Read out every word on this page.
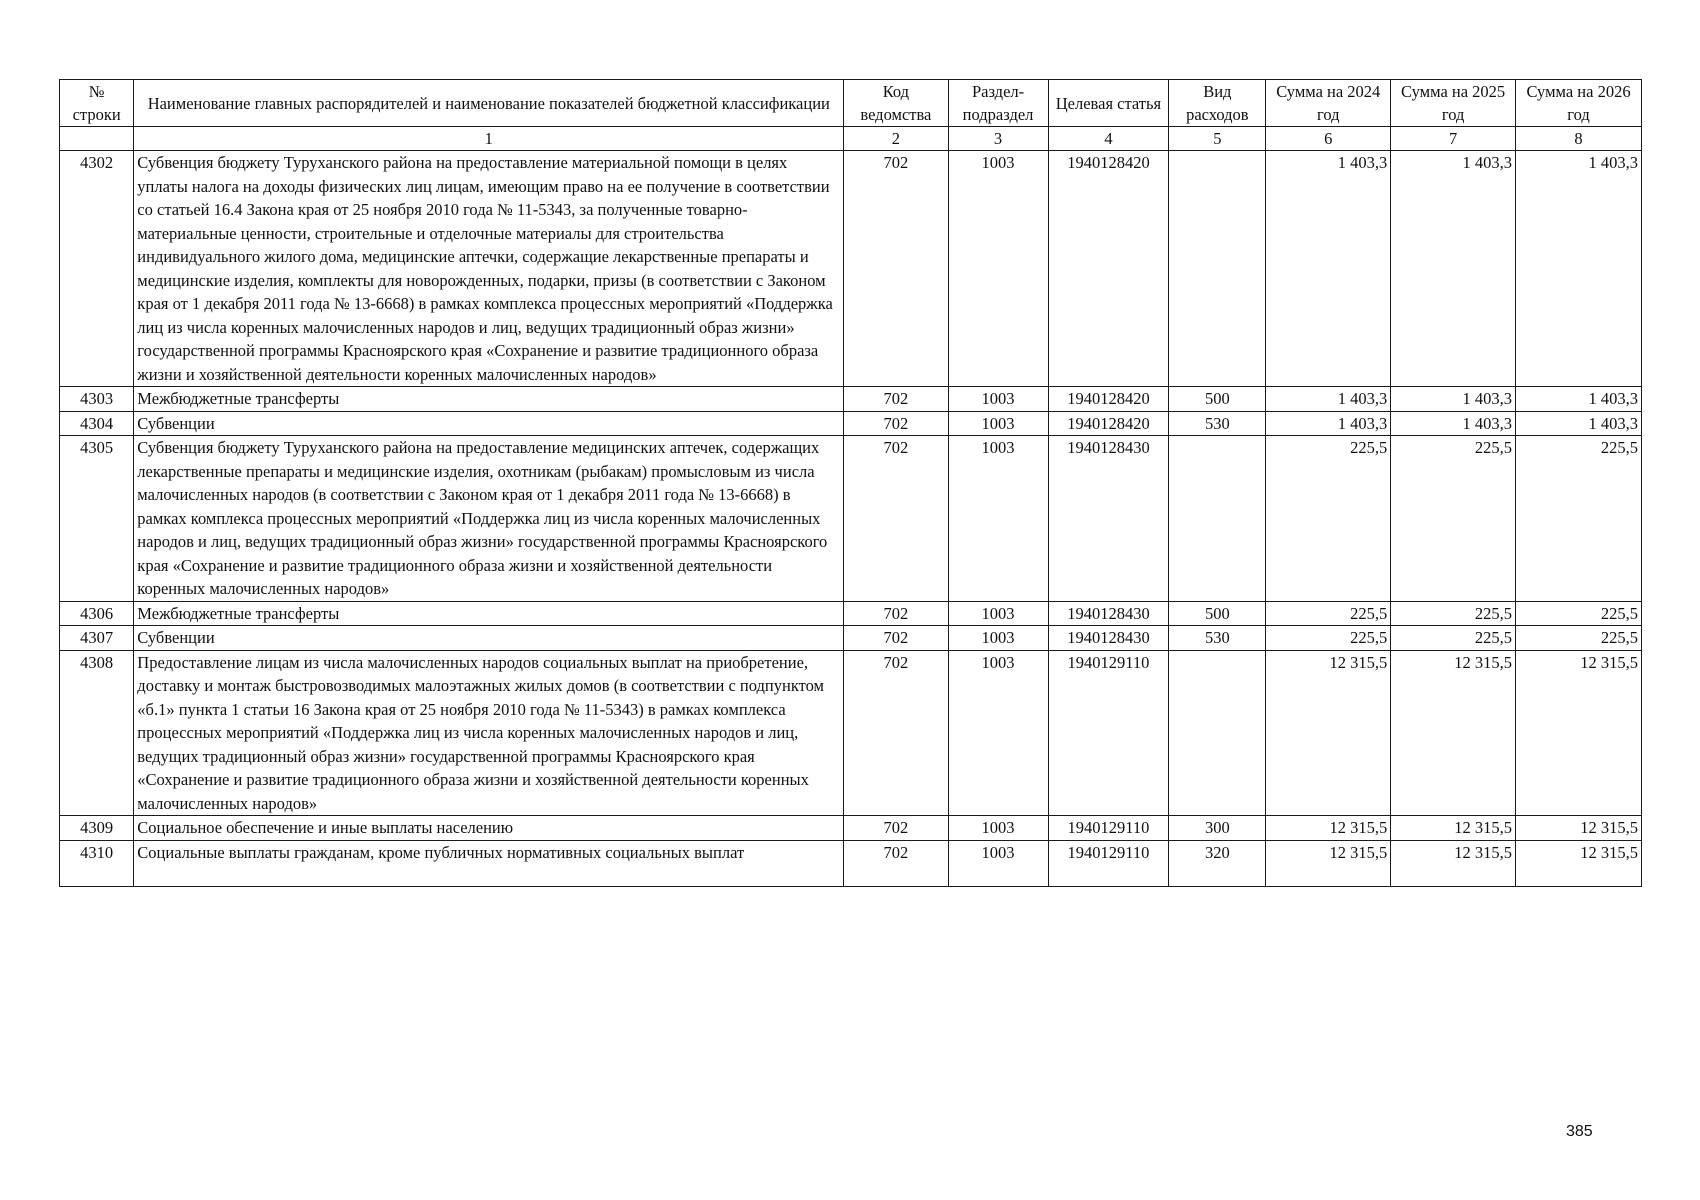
№ строки	Наименование главных распорядителей и наименование показателей бюджетной классификации	Код ведомства	Раздел-подраздел	Целевая статья	Вид расходов	Сумма на 2024 год	Сумма на 2025 год	Сумма на 2026 год
	1	2	3	4	5	6	7	8
4302	Субвенция бюджету Туруханского района на предоставление материальной помощи в целях уплаты налога на доходы физических лиц лицам, имеющим право на ее получение в соответствии со статьей 16.4 Закона края от 25 ноября 2010 года № 11-5343, за полученные товарно-материальные ценности, строительные и отделочные материалы для строительства индивидуального жилого дома, медицинские аптечки, содержащие лекарственные препараты и медицинские изделия, комплекты для новорожденных, подарки, призы (в соответствии с Законом края от 1 декабря 2011 года № 13-6668) в рамках комплекса процессных мероприятий «Поддержка лиц из числа коренных малочисленных народов и лиц, ведущих традиционный образ жизни» государственной программы Красноярского края «Сохранение и развитие традиционного образа жизни и хозяйственной деятельности коренных малочисленных народов»	702	1003	1940128420		1 403,3	1 403,3	1 403,3
4303	Межбюджетные трансферты	702	1003	1940128420	500	1 403,3	1 403,3	1 403,3
4304	Субвенции	702	1003	1940128420	530	1 403,3	1 403,3	1 403,3
4305	Субвенция бюджету Туруханского района на предоставление медицинских аптечек, содержащих лекарственные препараты и медицинские изделия, охотникам (рыбакам) промысловым из числа малочисленных народов (в соответствии с Законом края от 1 декабря 2011 года № 13-6668) в рамках комплекса процессных мероприятий «Поддержка лиц из числа коренных малочисленных народов и лиц, ведущих традиционный образ жизни» государственной программы Красноярского края «Сохранение и развитие традиционного образа жизни и хозяйственной деятельности коренных малочисленных народов»	702	1003	1940128430		225,5	225,5	225,5
4306	Межбюджетные трансферты	702	1003	1940128430	500	225,5	225,5	225,5
4307	Субвенции	702	1003	1940128430	530	225,5	225,5	225,5
4308	Предоставление лицам из числа малочисленных народов социальных выплат на приобретение, доставку и монтаж быстровозводимых малоэтажных жилых домов (в соответствии с подпунктом «б.1» пункта 1 статьи 16 Закона края от 25 ноября 2010 года № 11-5343) в рамках комплекса процессных мероприятий «Поддержка лиц из числа коренных малочисленных народов и лиц, ведущих традиционный образ жизни» государственной программы Красноярского края «Сохранение и развитие традиционного образа жизни и хозяйственной деятельности коренных малочисленных народов»	702	1003	1940129110		12 315,5	12 315,5	12 315,5
4309	Социальное обеспечение и иные выплаты населению	702	1003	1940129110	300	12 315,5	12 315,5	12 315,5
4310	Социальные выплаты гражданам, кроме публичных нормативных социальных выплат	702	1003	1940129110	320	12 315,5	12 315,5	12 315,5
385
